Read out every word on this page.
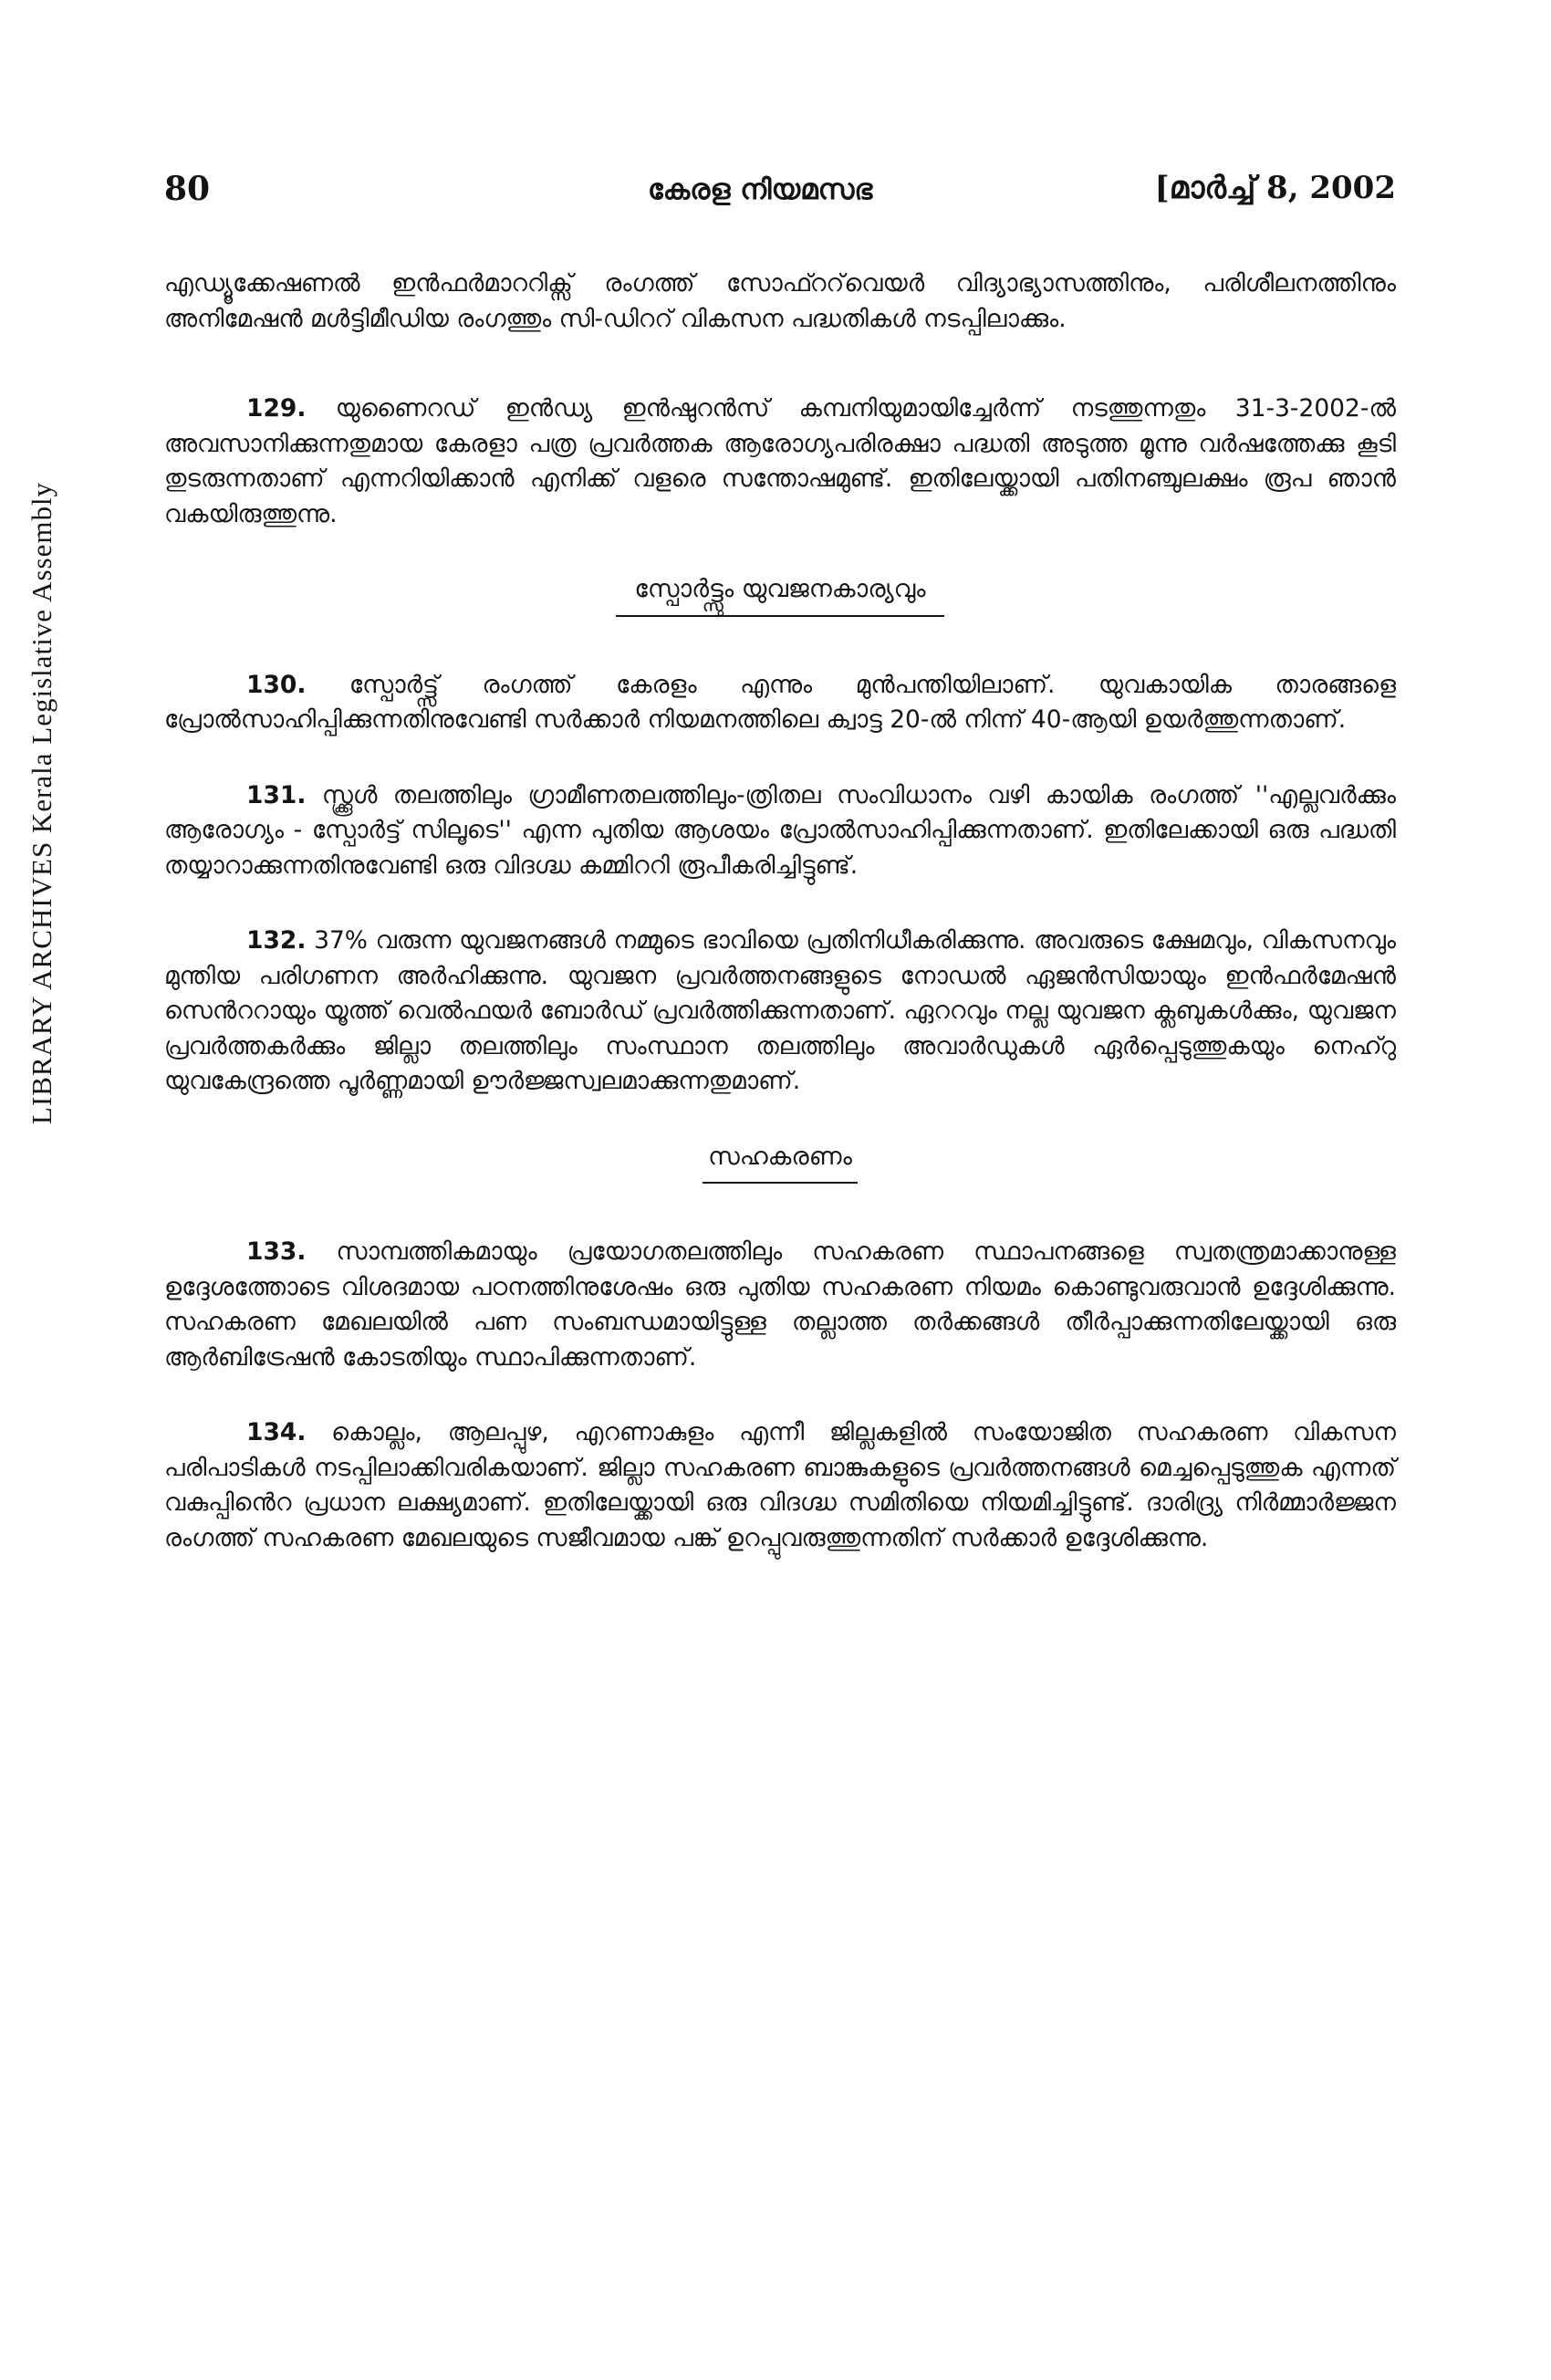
LIBRARY ARCHIVES Kerala Legislative Assembly
80	കേരള നിയമസഭ	[മാർച്ച് 8, 2002

എഡ്യൂക്കേഷണൽ ഇൻഫർമാററിക്സ് രംഗത്ത് സോഫ്ററ്‌വെയർ വിദ്യാഭ്യാസത്തിനും, പരിശീലനത്തിനും അനിമേഷൻ മൾട്ടിമീഡിയ രംഗത്തും സി-ഡിററ് വികസന പദ്ധതികൾ നടപ്പിലാക്കും.

129. യുണൈറഡ് ഇൻഡ്യ ഇൻഷുറൻസ് കമ്പനിയുമായിച്ചേർന്ന് നടത്തുന്നതും 31-3-2002-ൽ അവസാനിക്കുന്നതുമായ കേരളാ പത്ര പ്രവർത്തക ആരോഗ്യപരിരക്ഷാ പദ്ധതി അടുത്ത മൂന്നു വർഷത്തേക്കു കൂടി തുടരുന്നതാണ് എന്നറിയിക്കാൻ എനിക്ക് വളരെ സന്തോഷമുണ്ട്. ഇതിലേയ്ക്കായി പതിനഞ്ചുലക്ഷം രൂപ ഞാൻ വകയിരുത്തുന്നു.

സ്പോർട്ട്സും യുവജനകാര്യവും

130. സ്പോർട്ട്സ് രംഗത്ത് കേരളം എന്നും മുൻപന്തിയിലാണ്. യുവകായിക താരങ്ങളെ പ്രോൽസാഹിപ്പിക്കുന്നതിനുവേണ്ടി സർക്കാർ നിയമനത്തിലെ ക്വാട്ട 20-ൽ നിന്ന് 40-ആയി ഉയർത്തുന്നതാണ്.

131. സ്ക്കൂൾ തലത്തിലും ഗ്രാമീണതലത്തിലും-ത്രിതല സംവിധാനം വഴി കായിക രംഗത്ത് ''എല്ലവർക്കും ആരോഗ്യം - സ്പോർട്ട് സിലൂടെ'' എന്ന പുതിയ ആശയം പ്രോൽസാഹിപ്പിക്കുന്നതാണ്. ഇതിലേക്കായി ഒരു പദ്ധതി തയ്യാറാക്കുന്നതിനുവേണ്ടി ഒരു വിദഗ്ദ്ധ കമ്മിററി രൂപീകരിച്ചിട്ടുണ്ട്.

132. 37% വരുന്ന യുവജനങ്ങൾ നമ്മുടെ ഭാവിയെ പ്രതിനിധീകരിക്കുന്നു. അവരുടെ ക്ഷേമവും, വികസനവും മുന്തിയ പരിഗണന അർഹിക്കുന്നു. യുവജന പ്രവർത്തനങ്ങളുടെ നോഡൽ ഏജൻസിയായും ഇൻഫർമേഷൻ സെൻററായും യൂത്ത് വെൽഫയർ ബോർഡ് പ്രവർത്തിക്കുന്നതാണ്. ഏററവും നല്ല യുവജന ക്ലബുകൾക്കും, യുവജന പ്രവർത്തകർക്കും ജില്ലാ തലത്തിലും സംസ്ഥാന തലത്തിലും അവാർഡുകൾ ഏർപ്പെടുത്തുകയും നെഹ്റു യുവകേന്ദ്രത്തെ പൂർണ്ണമായി ഊർജ്ജസ്വലമാക്കുന്നതുമാണ്.

സഹകരണം

133. സാമ്പത്തികമായും പ്രയോഗതലത്തിലും സഹകരണ സ്ഥാപനങ്ങളെ സ്വതന്ത്രമാക്കാനുള്ള ഉദ്ദേശത്തോടെ വിശദമായ പഠനത്തിനുശേഷം ഒരു പുതിയ സഹകരണ നിയമം കൊണ്ടുവരുവാൻ ഉദ്ദേശിക്കുന്നു. സഹകരണ മേഖലയിൽ പണ സംബന്ധമായിട്ടുള്ള തല്ലാത്ത തർക്കങ്ങൾ തീർപ്പാക്കുന്നതിലേയ്ക്കായി ഒരു ആർബിട്രേഷൻ കോടതിയും സ്ഥാപിക്കുന്നതാണ്.

134. കൊല്ലം, ആലപ്പുഴ, എറണാകുളം എന്നീ ജില്ലകളിൽ സംയോജിത സഹകരണ വികസന പരിപാടികൾ നടപ്പിലാക്കിവരികയാണ്. ജില്ലാ സഹകരണ ബാങ്കുകളുടെ പ്രവർത്തനങ്ങൾ മെച്ചപ്പെടുത്തുക എന്നത് വകുപ്പിൻെറ പ്രധാന ലക്ഷ്യമാണ്. ഇതിലേയ്ക്കായി ഒരു വിദഗ്ദ്ധ സമിതിയെ നിയമിച്ചിട്ടുണ്ട്. ദാരിദ്ര്യ നിർമ്മാർജ്ജന രംഗത്ത് സഹകരണ മേഖലയുടെ സജീവമായ പങ്ക് ഉറപ്പുവരുത്തുന്നതിന് സർക്കാർ ഉദ്ദേശിക്കുന്നു.
